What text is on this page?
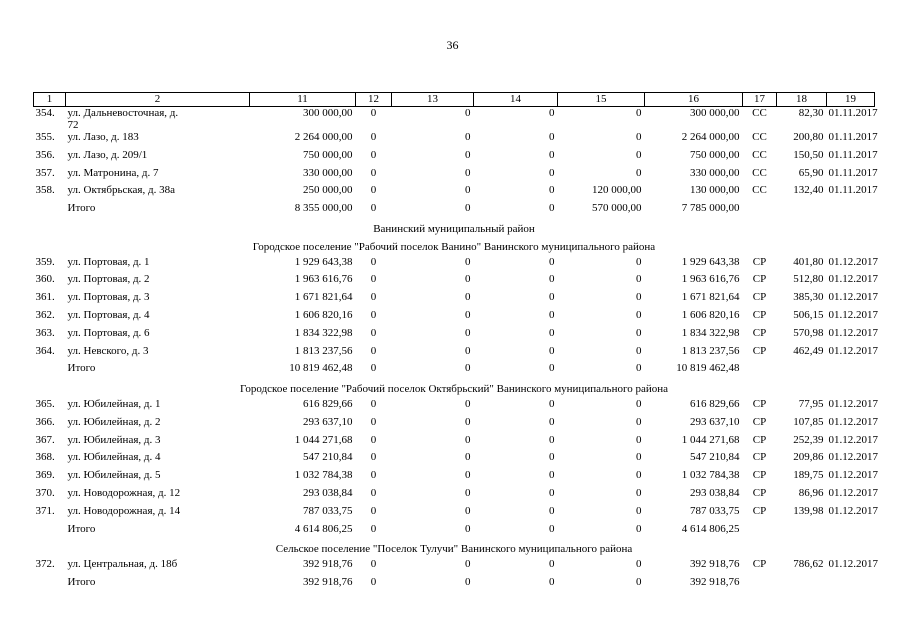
36
1	2	11	12	13	14	15	16	17	18	19
354.	ул. Дальневосточная, д. 72	300 000,00	0	0	0	0	300 000,00	СС	82,30	01.11.2017
355.	ул. Лазо, д. 183	2 264 000,00	0	0	0	0	2 264 000,00	СС	200,80	01.11.2017
356.	ул. Лазо, д. 209/1	750 000,00	0	0	0	0	750 000,00	СС	150,50	01.11.2017
357.	ул. Матронина, д. 7	330 000,00	0	0	0	0	330 000,00	СС	65,90	01.11.2017
358.	ул. Октябрьская, д. 38а	250 000,00	0	0	0	120 000,00	130 000,00	СС	132,40	01.11.2017
	Итого	8 355 000,00	0	0	0	570 000,00	7 785 000,00			
Ванинский муниципальный район										
Городское поселение "Рабочий поселок Ванино" Ванинского муниципального района										
359.	ул. Портовая, д. 1	1 929 643,38	0	0	0	0	1 929 643,38	СР	401,80	01.12.2017
360.	ул. Портовая, д. 2	1 963 616,76	0	0	0	0	1 963 616,76	СР	512,80	01.12.2017
361.	ул. Портовая, д. 3	1 671 821,64	0	0	0	0	1 671 821,64	СР	385,30	01.12.2017
362.	ул. Портовая, д. 4	1 606 820,16	0	0	0	0	1 606 820,16	СР	506,15	01.12.2017
363.	ул. Портовая, д. 6	1 834 322,98	0	0	0	0	1 834 322,98	СР	570,98	01.12.2017
364.	ул. Невского, д. 3	1 813 237,56	0	0	0	0	1 813 237,56	СР	462,49	01.12.2017
	Итого	10 819 462,48	0	0	0	0	10 819 462,48			
Городское поселение "Рабочий поселок Октябрьский" Ванинского муниципального района										
365.	ул. Юбилейная, д. 1	616 829,66	0	0	0	0	616 829,66	СР	77,95	01.12.2017
366.	ул. Юбилейная, д. 2	293 637,10	0	0	0	0	293 637,10	СР	107,85	01.12.2017
367.	ул. Юбилейная, д. 3	1 044 271,68	0	0	0	0	1 044 271,68	СР	252,39	01.12.2017
368.	ул. Юбилейная, д. 4	547 210,84	0	0	0	0	547 210,84	СР	209,86	01.12.2017
369.	ул. Юбилейная, д. 5	1 032 784,38	0	0	0	0	1 032 784,38	СР	189,75	01.12.2017
370.	ул. Новодорожная, д. 12	293 038,84	0	0	0	0	293 038,84	СР	86,96	01.12.2017
371.	ул. Новодорожная, д. 14	787 033,75	0	0	0	0	787 033,75	СР	139,98	01.12.2017
	Итого	4 614 806,25	0	0	0	0	4 614 806,25			
Сельское поселение "Поселок Тулучи" Ванинского муниципального района										
372.	ул. Центральная, д. 18б	392 918,76	0	0	0	0	392 918,76	СР	786,62	01.12.2017
	Итого	392 918,76	0	0	0	0	392 918,76			
